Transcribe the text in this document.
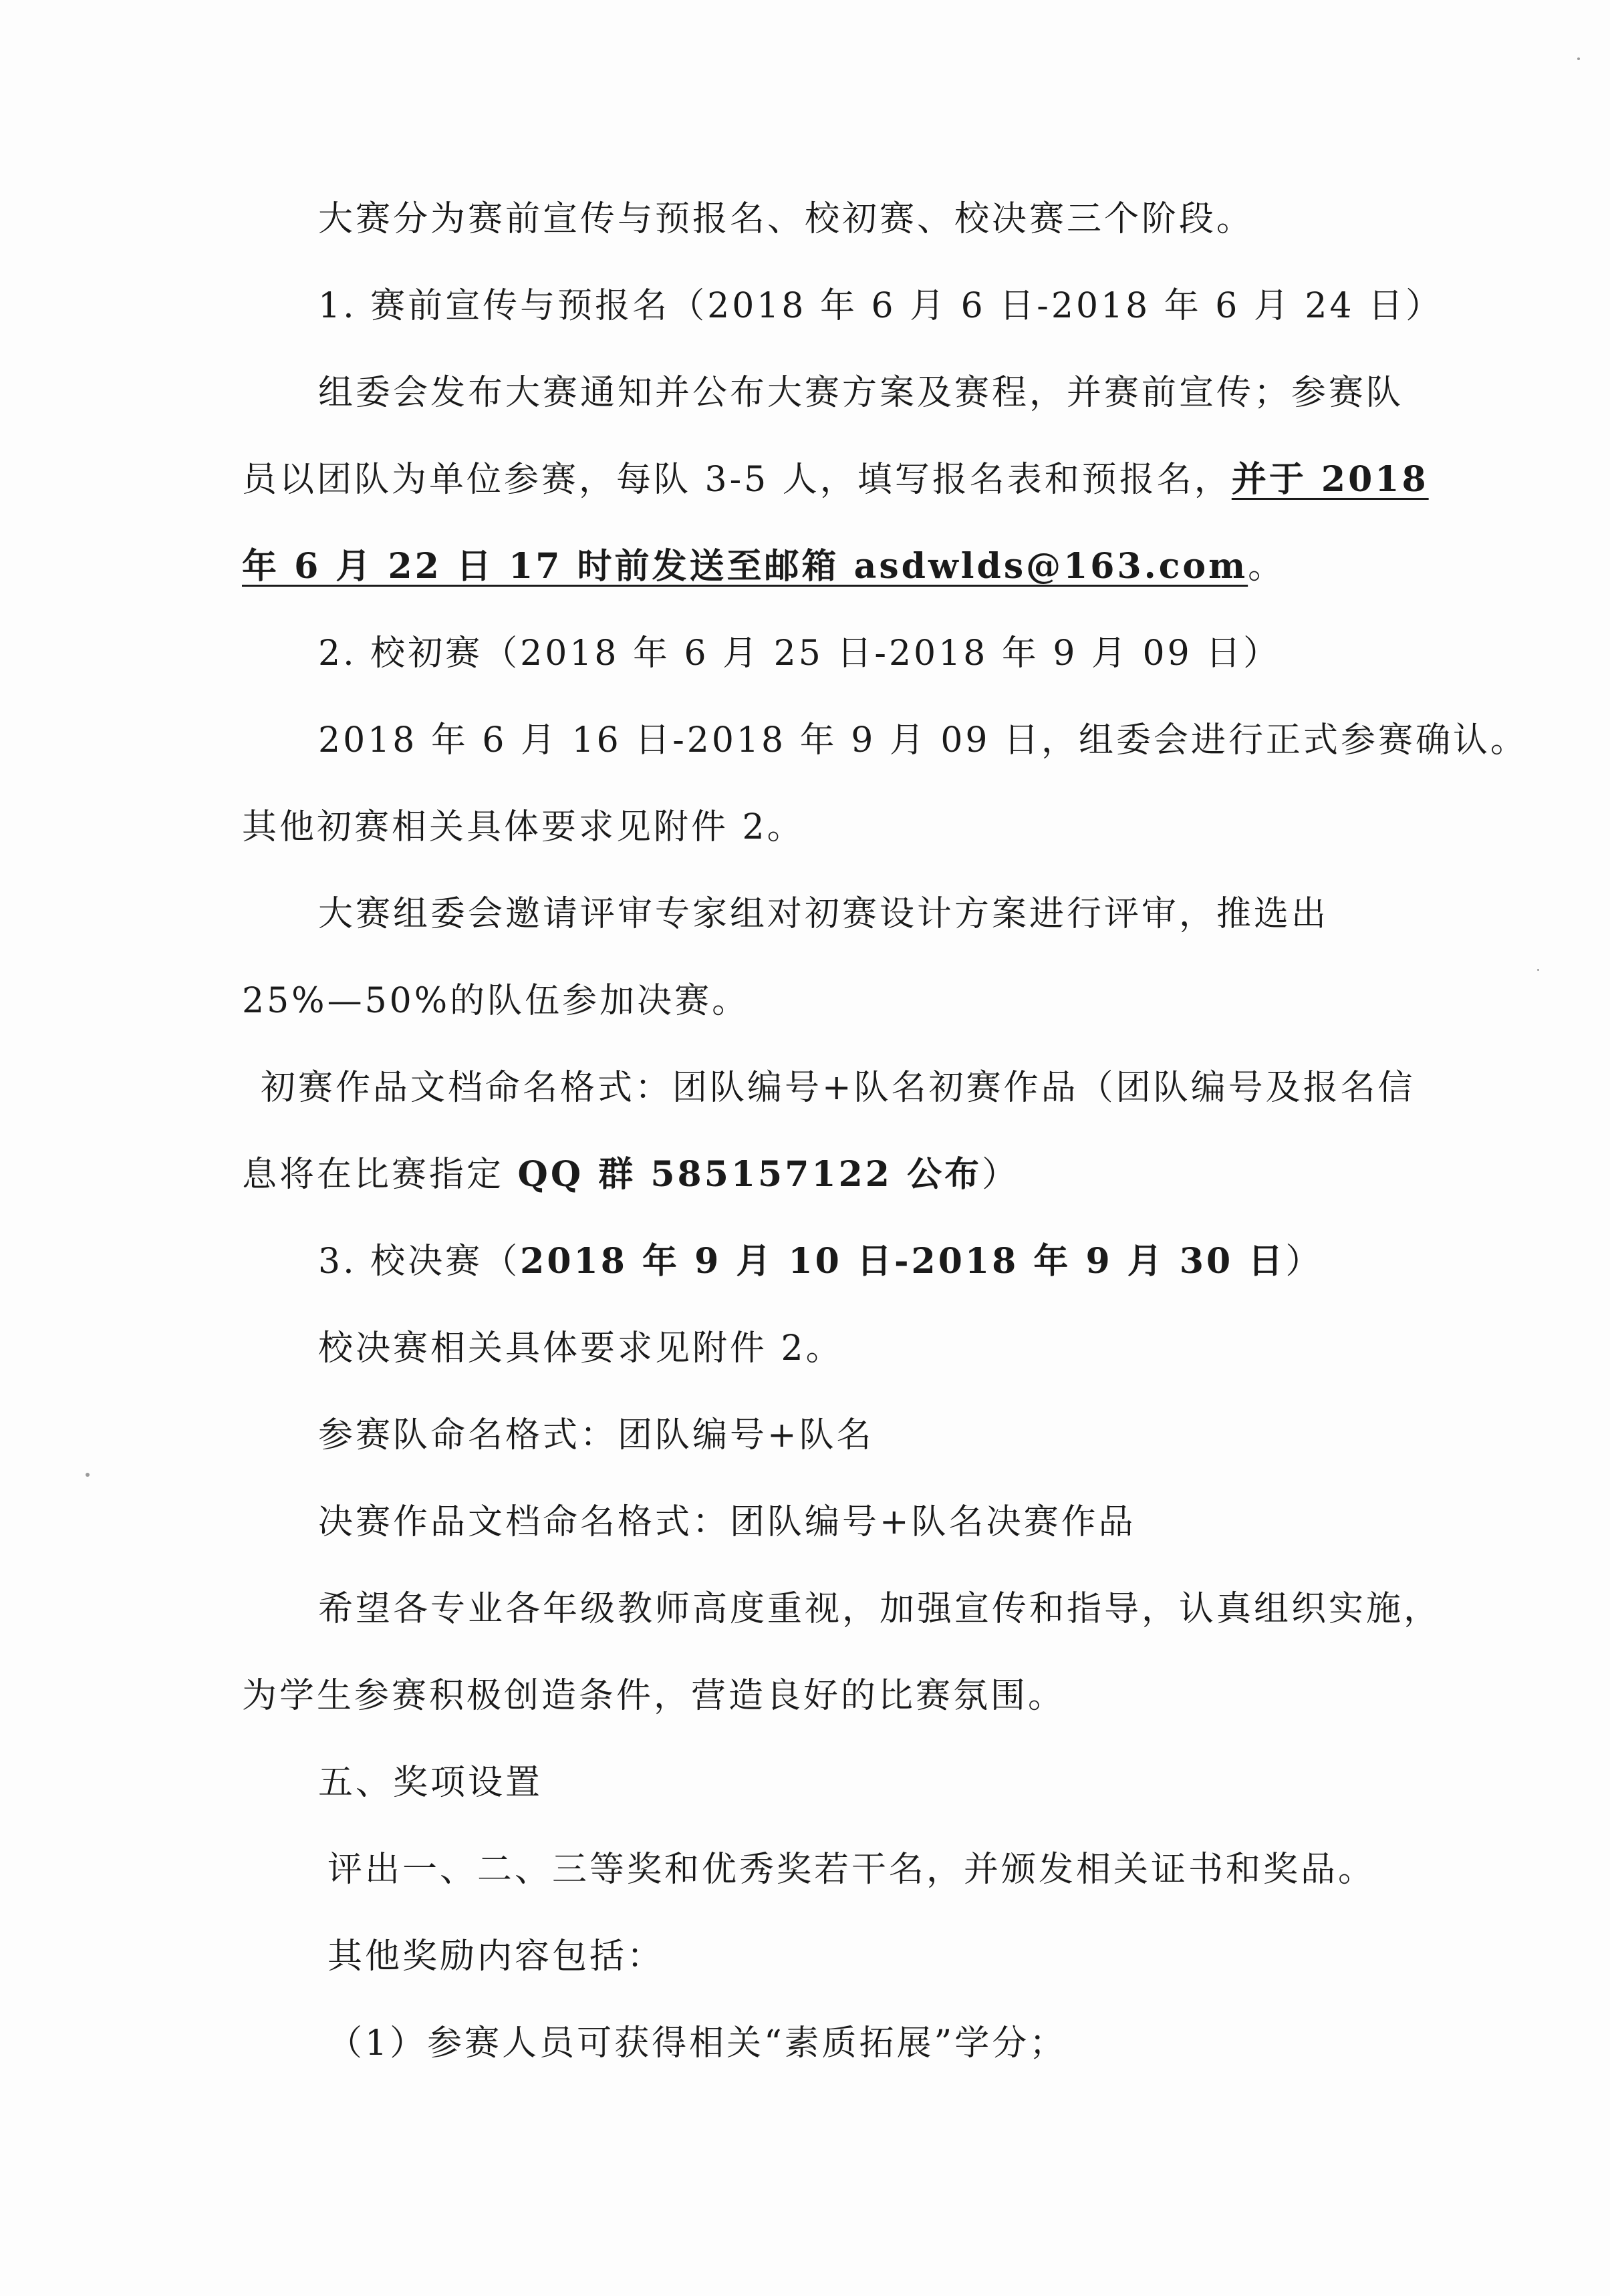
大赛分为赛前宣传与预报名、校初赛、校决赛三个阶段。
1. 赛前宣传与预报名（2018 年 6 月 6 日-2018 年 6 月 24 日）
组委会发布大赛通知并公布大赛方案及赛程，并赛前宣传；参赛队
员以团队为单位参赛，每队 3-5 人，填写报名表和预报名，并于 2018
年 6 月 22 日 17 时前发送至邮箱 asdwlds@163.com。
2. 校初赛（2018 年 6 月 25 日-2018 年 9 月 09 日）
2018 年 6 月 16 日-2018 年 9 月 09 日，组委会进行正式参赛确认。
其他初赛相关具体要求见附件 2。
大赛组委会邀请评审专家组对初赛设计方案进行评审，推选出
25%—50%的队伍参加决赛。
初赛作品文档命名格式：团队编号+队名初赛作品（团队编号及报名信
息将在比赛指定 QQ 群 585157122 公布）
3. 校决赛（2018 年 9 月 10 日-2018 年 9 月 30 日）
校决赛相关具体要求见附件 2。
参赛队命名格式：团队编号+队名
决赛作品文档命名格式：团队编号+队名决赛作品
希望各专业各年级教师高度重视，加强宣传和指导，认真组织实施，
为学生参赛积极创造条件，营造良好的比赛氛围。
五、奖项设置
评出一、二、三等奖和优秀奖若干名，并颁发相关证书和奖品。
其他奖励内容包括：
（1）参赛人员可获得相关“素质拓展”学分；
